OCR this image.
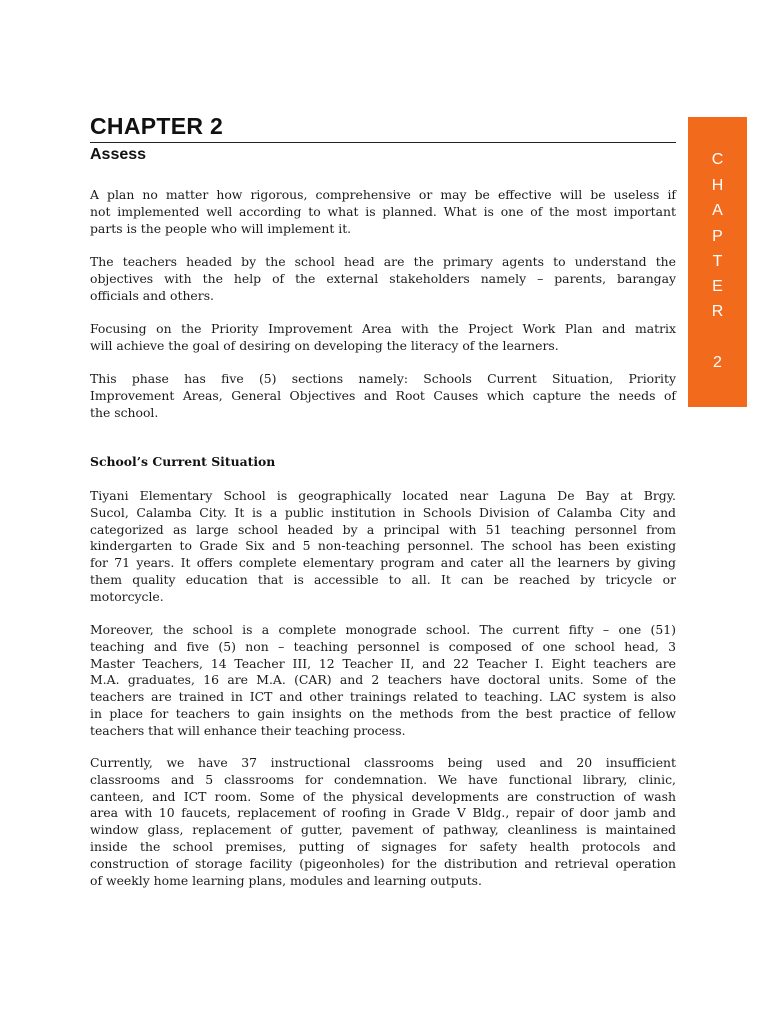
CHAPTER 2
Assess	C
H
A
P
T
E
R
2
A plan no matter how rigorous, comprehensive or may be effective will be useless if
not implemented well according to what is planned. What is one of the most important
parts is the people who will implement it.
The teachers headed by the school head are the primary agents to understand the
objectives with the help of the external stakeholders namely – parents, barangay
officials and others.
Focusing on the Priority Improvement Area with the Project Work Plan and matrix
will achieve the goal of desiring on developing the literacy of the learners.
This phase has five (5) sections namely: Schools Current Situation, Priority
Improvement Areas, General Objectives and Root Causes which capture the needs of
the school.
School’s Current Situation
Tiyani Elementary School is geographically located near Laguna De Bay at Brgy.
Sucol, Calamba City. It is a public institution in Schools Division of Calamba City and
categorized as large school headed by a principal with 51 teaching personnel from
kindergarten to Grade Six and 5 non-teaching personnel. The school has been existing
for 71 years. It offers complete elementary program and cater all the learners by giving
them quality education that is accessible to all. It can be reached by tricycle or
motorcycle.
Moreover, the school is a complete monograde school. The current fifty – one (51)
teaching and five (5) non – teaching personnel is composed of one school head, 3
Master Teachers, 14 Teacher III, 12 Teacher II, and 22 Teacher I. Eight teachers are
M.A. graduates, 16 are M.A. (CAR) and 2 teachers have doctoral units. Some of the
teachers are trained in ICT and other trainings related to teaching. LAC system is also
in place for teachers to gain insights on the methods from the best practice of fellow
teachers that will enhance their teaching process.
Currently, we have 37 instructional classrooms being used and 20 insufficient
classrooms and 5 classrooms for condemnation. We have functional library, clinic,
canteen, and ICT room. Some of the physical developments are construction of wash
area with 10 faucets, replacement of roofing in Grade V Bldg., repair of door jamb and
window glass, replacement of gutter, pavement of pathway, cleanliness is maintained
inside the school premises, putting of signages for safety health protocols and
construction of storage facility (pigeonholes) for the distribution and retrieval operation
of weekly home learning plans, modules and learning outputs.
